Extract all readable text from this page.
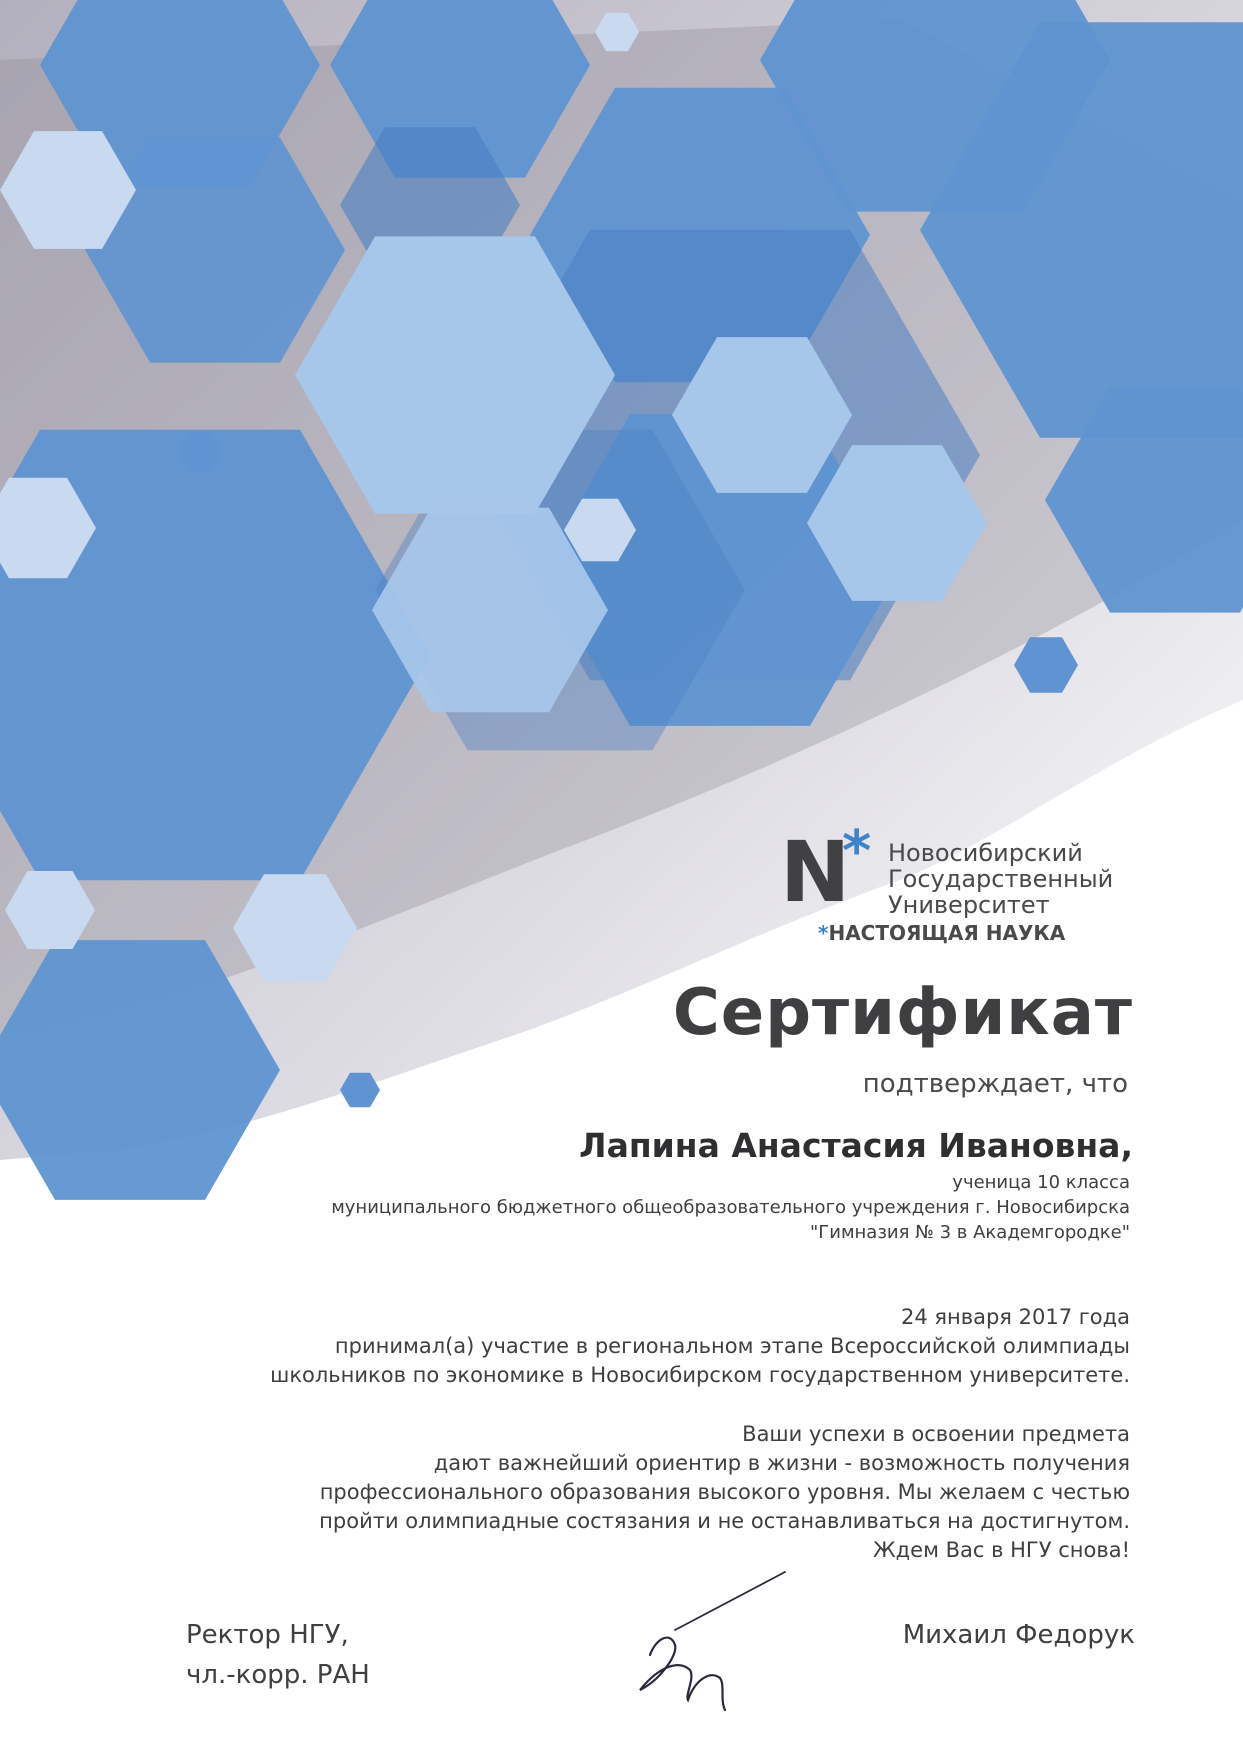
N
* Новосибирский
Государственный
Университет
*НАСТОЯЩАЯ НАУКА
Сертификат
подтверждает, что
Лапина Анастасия Ивановна,
ученица 10 класса
муниципального бюджетного общеобразовательного учреждения г. Новосибирска
"Гимназия № 3 в Академгородке"
24 января 2017 года
принимал(а) участие в региональном этапе Всероссийской олимпиады
школьников по экономике в Новосибирском государственном университете.
Ваши успехи в освоении предмета
дают важнейший ориентир в жизни - возможность получения
профессионального образования высокого уровня. Мы желаем с честью
пройти олимпиадные состязания и не останавливаться на достигнутом.
Ждем Вас в НГУ снова!
Ректор НГУ,
чл.-корр. РАН
Михаил Федорук
